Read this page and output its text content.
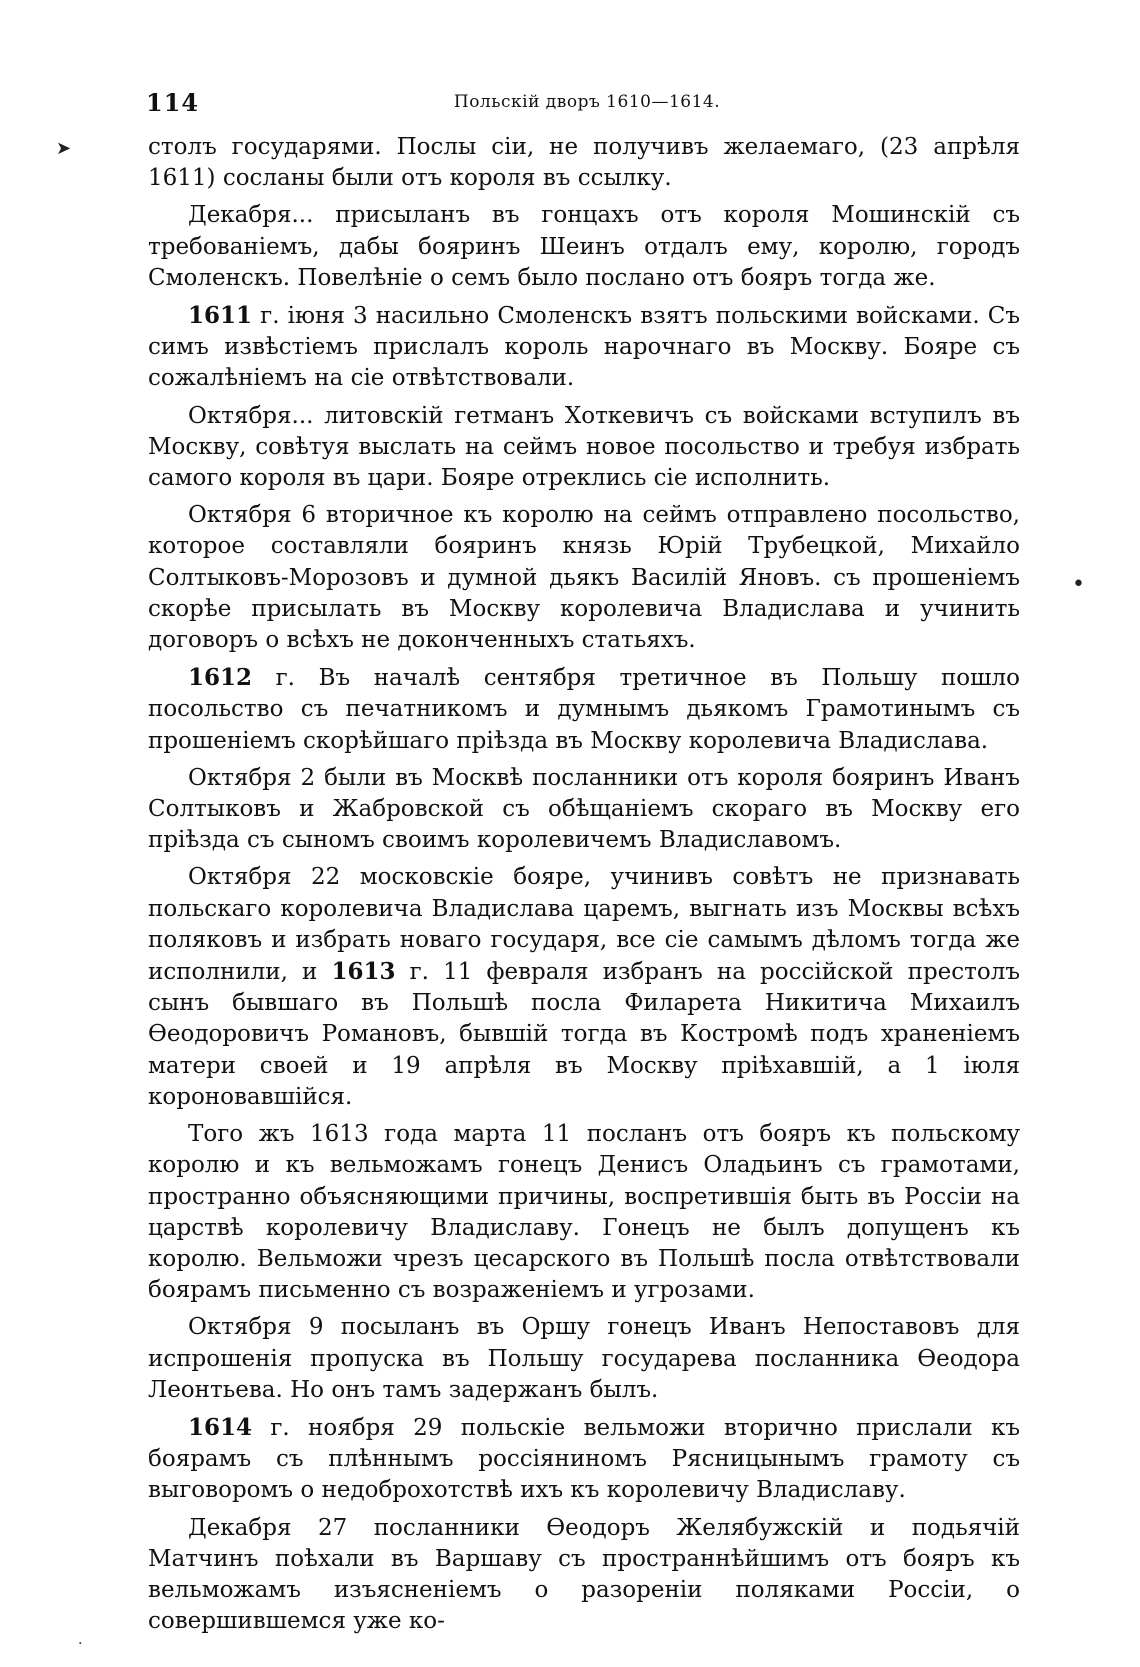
114	Польскій дворъ 1610—1614.
➤
•
·

столъ государями. Послы сіи, не получивъ желаемаго, (23 апрѣля 1611) сосланы были отъ короля въ ссылку.

Декабря... присыланъ въ гонцахъ отъ короля Мошинскій съ требованіемъ, дабы бояринъ Шеинъ отдалъ ему, королю, городъ Смоленскъ. Повелѣніе о семъ было послано отъ бояръ тогда же.

1611 г. іюня 3 насильно Смоленскъ взятъ польскими войсками. Съ симъ извѣстіемъ прислалъ король нарочнаго въ Москву. Бояре съ сожалѣніемъ на сіе отвѣтствовали.

Октября... литовскій гетманъ Хоткевичъ съ войсками вступилъ въ Москву, совѣтуя выслать на сеймъ новое посольство и требуя избрать самого короля въ цари. Бояре отреклись сіе исполнить.

Октября 6 вторичное къ королю на сеймъ отправлено посольство, которое составляли бояринъ князь Юрій Трубецкой, Михайло Солтыковъ-Морозовъ и думной дьякъ Василій Яновъ. съ прошеніемъ скорѣе присылать въ Москву королевича Владислава и учинить договоръ о всѣхъ не доконченныхъ статьяхъ.

1612 г. Въ началѣ сентября третичное въ Польшу пошло посольство съ печатникомъ и думнымъ дьякомъ Грамотинымъ съ прошеніемъ скорѣйшаго пріѣзда въ Москву королевича Владислава.

Октября 2 были въ Москвѣ посланники отъ короля бояринъ Иванъ Солтыковъ и Жабровской съ обѣщаніемъ скораго въ Москву его пріѣзда съ сыномъ своимъ королевичемъ Владиславомъ.

Октября 22 московскіе бояре, учинивъ совѣтъ не признавать польскаго королевича Владислава царемъ, выгнать изъ Москвы всѣхъ поляковъ и избрать новаго государя, все сіе самымъ дѣломъ тогда же исполнили, и 1613 г. 11 февраля избранъ на россійской престолъ сынъ бывшаго въ Польшѣ посла Филарета Никитича Михаилъ Ѳеодоровичъ Романовъ, бывшій тогда въ Костромѣ подъ храненіемъ матери своей и 19 апрѣля въ Москву пріѣхавшій, а 1 іюля короновавшійся.

Того жъ 1613 года марта 11 посланъ отъ бояръ къ польскому королю и къ вельможамъ гонецъ Денисъ Оладьинъ съ грамотами, пространно объясняющими причины, воспретившія быть въ Россіи на царствѣ королевичу Владиславу. Гонецъ не былъ допущенъ къ королю. Вельможи чрезъ цесарского въ Польшѣ посла отвѣтствовали боярамъ письменно съ возраженіемъ и угрозами.

Октября 9 посыланъ въ Оршу гонецъ Иванъ Непоставовъ для испрошенія пропуска въ Польшу государева посланника Ѳеодора Леонтьева. Но онъ тамъ задержанъ былъ.

1614 г. ноября 29 польскіе вельможи вторично прислали къ боярамъ съ плѣннымъ россіяниномъ Рясницынымъ грамоту съ выговоромъ о недоброхотствѣ ихъ къ королевичу Владиславу.

Декабря 27 посланники Ѳеодоръ Желябужскій и подьячій Матчинъ поѣхали въ Варшаву съ пространнѣйшимъ отъ бояръ къ вельможамъ изъясненіемъ о разореніи поляками Россіи, о совершившемся уже ко-
